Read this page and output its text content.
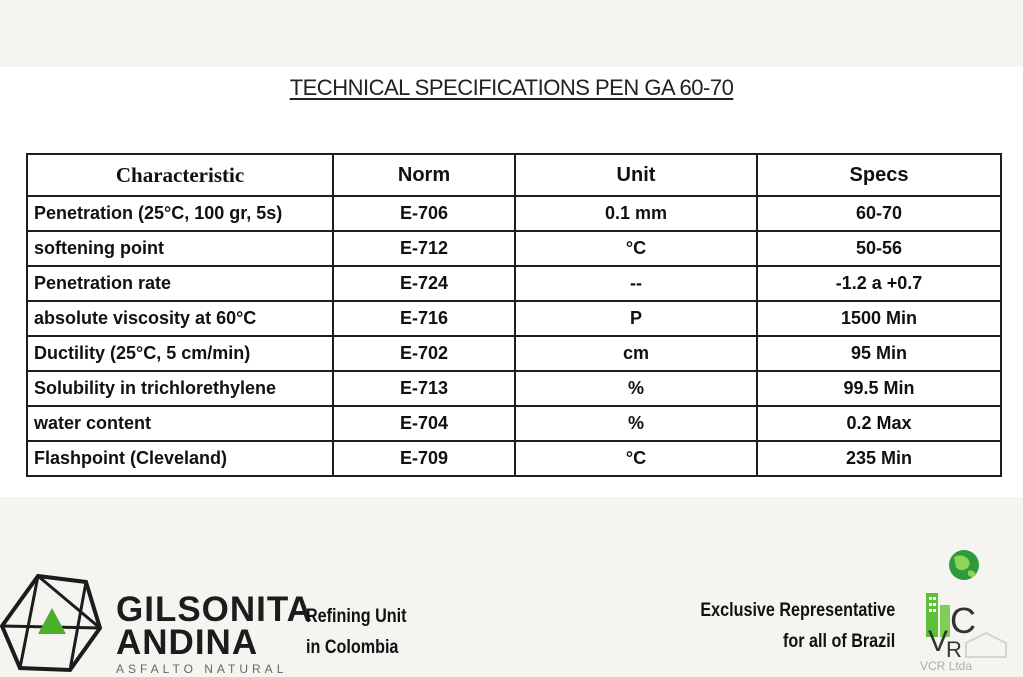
TECHNICAL SPECIFICATIONS PEN GA 60-70
Characteristic	Norm	Unit	Specs
Penetration (25°C, 100 gr, 5s)	E-706	0.1 mm	60-70
softening point	E-712	°C	50-56
Penetration rate	E-724	--	-1.2 a +0.7
absolute viscosity at 60°C	E-716	P	1500 Min
Ductility (25°C, 5 cm/min)	E-702	cm	95 Min
Solubility in trichlorethylene	E-713	%	99.5 Min
water content	E-704	%	0.2 Max
Flashpoint (Cleveland)	E-709	°C	235 Min
GILSONITA
ANDINA
ASFALTO NATURAL
Refining Unit
in Colombia
Exclusive Representative
for all of Brazil V
C
R
VCR Ltda
